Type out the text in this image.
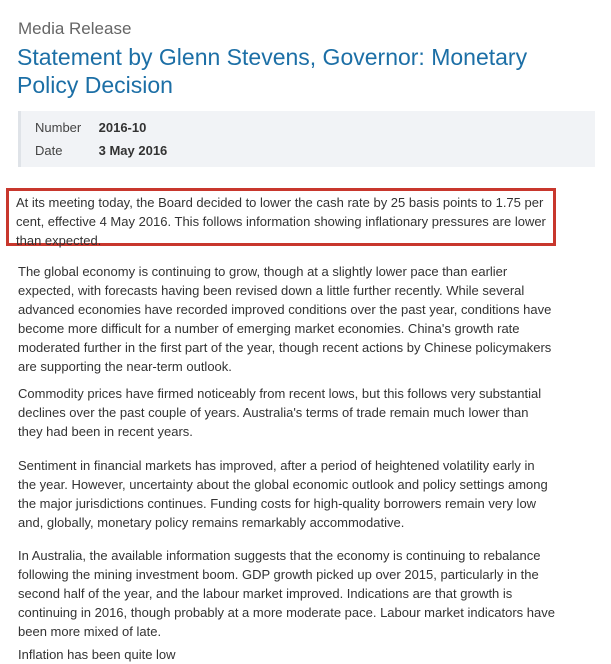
Media Release
Statement by Glenn Stevens, Governor: Monetary Policy Decision
Number 2016-10
Date	3 May 2016

At its meeting today, the Board decided to lower the cash rate by 25 basis points to 1.75 per cent, effective 4 May 2016. This follows information showing inflationary pressures are lower than expected.

The global economy is continuing to grow, though at a slightly lower pace than earlier expected, with forecasts having been revised down a little further recently. While several advanced economies have recorded improved conditions over the past year, conditions have become more difficult for a number of emerging market economies. China's growth rate moderated further in the first part of the year, though recent actions by Chinese policymakers are supporting the near-term outlook.

Commodity prices have firmed noticeably from recent lows, but this follows very substantial declines over the past couple of years. Australia's terms of trade remain much lower than they had been in recent years.

Sentiment in financial markets has improved, after a period of heightened volatility early in the year. However, uncertainty about the global economic outlook and policy settings among the major jurisdictions continues. Funding costs for high-quality borrowers remain very low and, globally, monetary policy remains remarkably accommodative.

In Australia, the available information suggests that the economy is continuing to rebalance following the mining investment boom. GDP growth picked up over 2015, particularly in the second half of the year, and the labour market improved. Indications are that growth is continuing in 2016, though probably at a more moderate pace. Labour market indicators have been more mixed of late.

Inflation has been quite low
